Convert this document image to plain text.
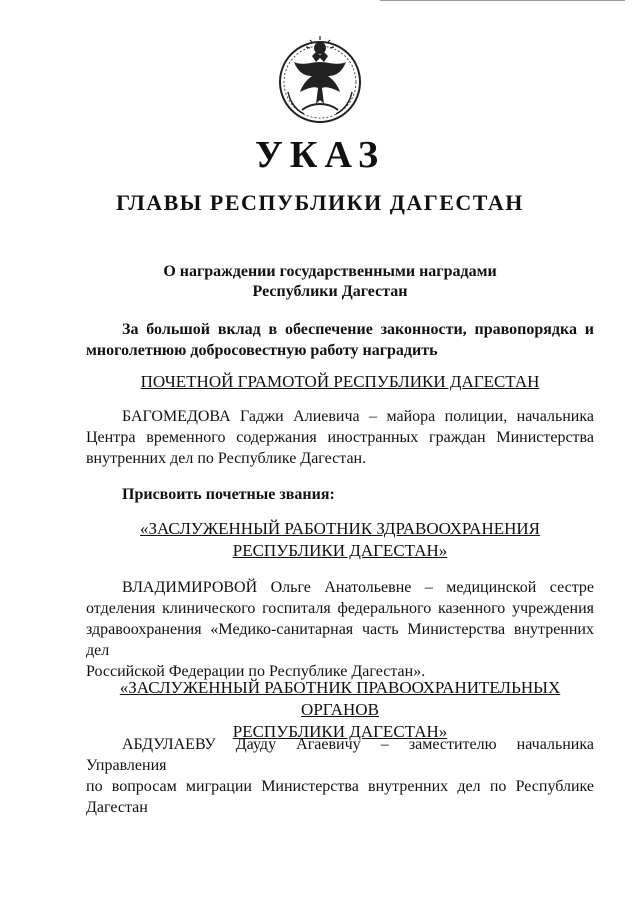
УКАЗ
ГЛАВЫ РЕСПУБЛИКИ ДАГЕСТАН
О награждении государственными наградами
Республики Дагестан
За большой вклад в обеспечение законности, правопорядка и
многолетнюю добросовестную работу наградить
ПОЧЕТНОЙ ГРАМОТОЙ РЕСПУБЛИКИ ДАГЕСТАН
БАГОМЕДОВА Гаджи Алиевича – майора полиции, начальника
Центра временного содержания иностранных граждан Министерства
внутренних дел по Республике Дагестан.
Присвоить почетные звания:
«ЗАСЛУЖЕННЫЙ РАБОТНИК ЗДРАВООХРАНЕНИЯ
РЕСПУБЛИКИ ДАГЕСТАН»
ВЛАДИМИРОВОЙ Ольге Анатольевне – медицинской сестре
отделения клинического госпиталя федерального казенного учреждения
здравоохранения «Медико-санитарная часть Министерства внутренних дел
Российской Федерации по Республике Дагестан».
«ЗАСЛУЖЕННЫЙ РАБОТНИК ПРАВООХРАНИТЕЛЬНЫХ ОРГАНОВ
РЕСПУБЛИКИ ДАГЕСТАН»
АБДУЛАЕВУ Дауду Агаевичу – заместителю начальника Управления
по вопросам миграции Министерства внутренних дел по Республике
Дагестан
